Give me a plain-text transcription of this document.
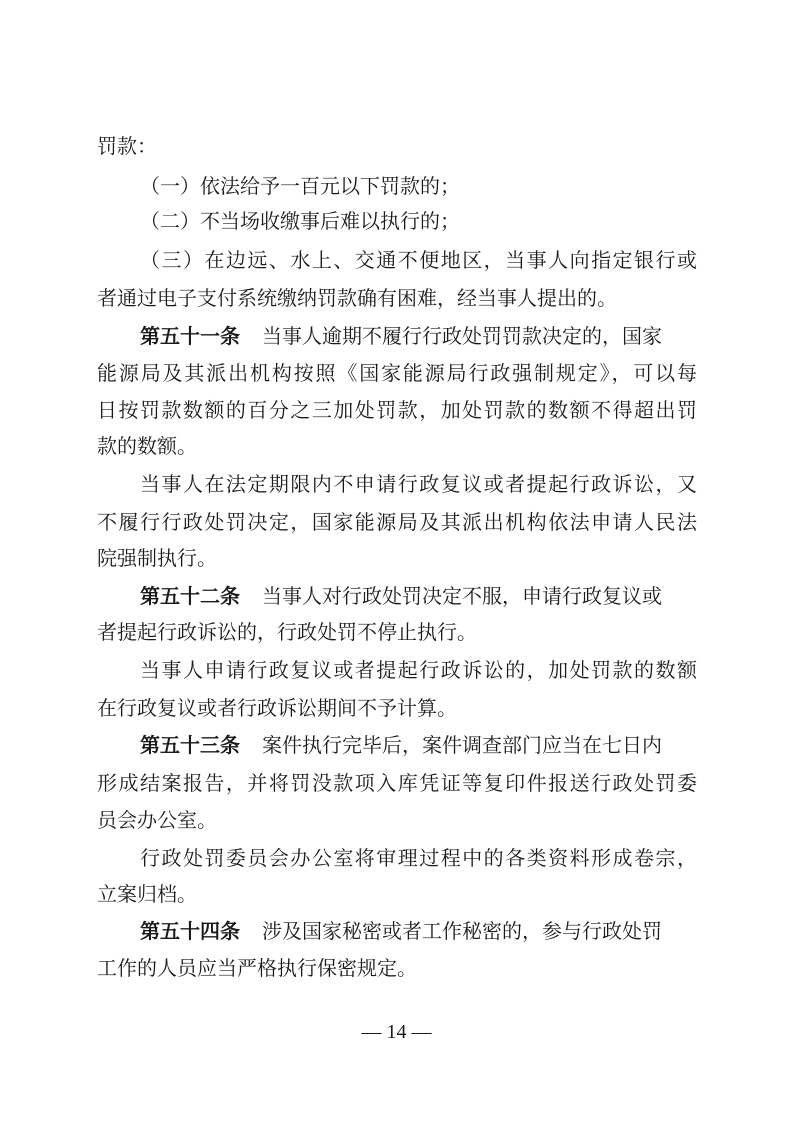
罚款：
（一）依法给予一百元以下罚款的；
（二）不当场收缴事后难以执行的；
（三）在边远、水上、交通不便地区，当事人向指定银行或
者通过电子支付系统缴纳罚款确有困难，经当事人提出的。
第五十一条 当事人逾期不履行行政处罚罚款决定的，国家
能源局及其派出机构按照《国家能源局行政强制规定》，可以每
日按罚款数额的百分之三加处罚款，加处罚款的数额不得超出罚
款的数额。
当事人在法定期限内不申请行政复议或者提起行政诉讼，又
不履行行政处罚决定，国家能源局及其派出机构依法申请人民法
院强制执行。
第五十二条 当事人对行政处罚决定不服，申请行政复议或
者提起行政诉讼的，行政处罚不停止执行。
当事人申请行政复议或者提起行政诉讼的，加处罚款的数额
在行政复议或者行政诉讼期间不予计算。
第五十三条 案件执行完毕后，案件调查部门应当在七日内
形成结案报告，并将罚没款项入库凭证等复印件报送行政处罚委
员会办公室。
行政处罚委员会办公室将审理过程中的各类资料形成卷宗，
立案归档。
第五十四条 涉及国家秘密或者工作秘密的，参与行政处罚
工作的人员应当严格执行保密规定。
— 14 —
